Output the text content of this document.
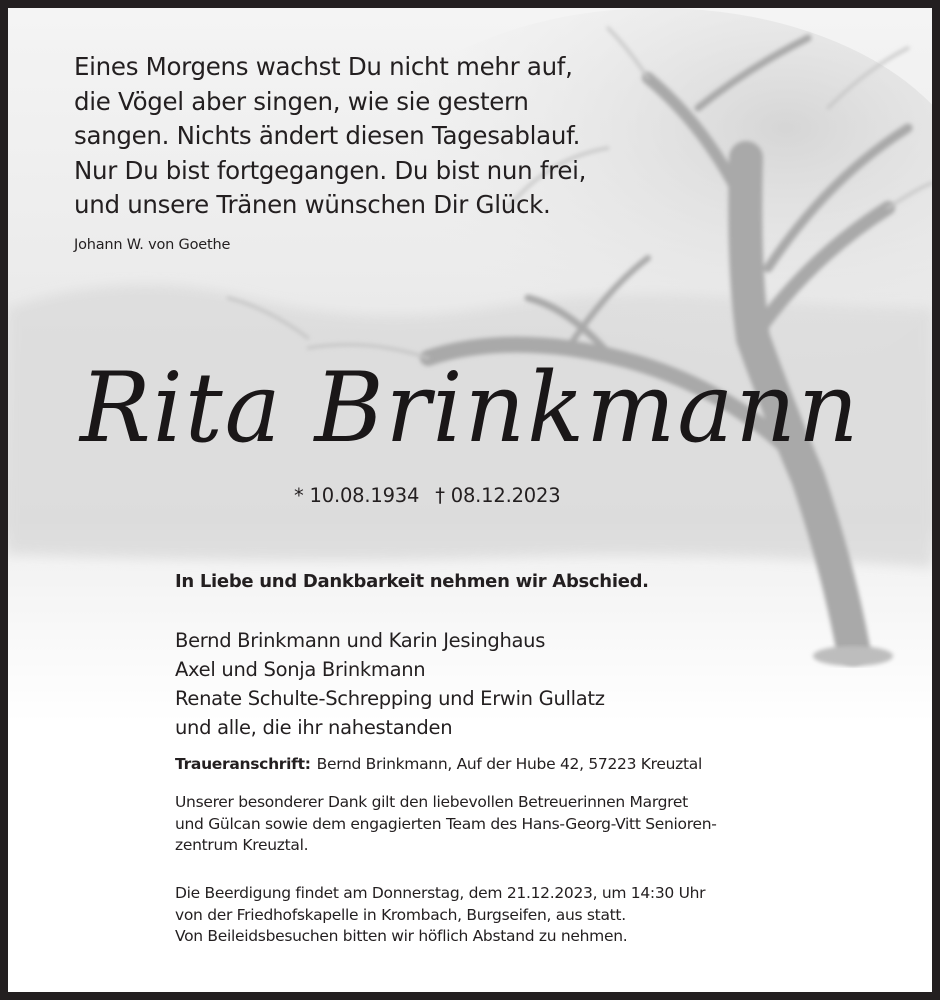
Eines Morgens wachst Du nicht mehr auf,
die Vögel aber singen, wie sie gestern
sangen. Nichts ändert diesen Tagesablauf.
Nur Du bist fortgegangen. Du bist nun frei,
und unsere Tränen wünschen Dir Glück.
Johann W. von Goethe
Rita Brinkmann
* 10.08.1934 † 08.12.2023
In Liebe und Dankbarkeit nehmen wir Abschied.
Bernd Brinkmann und Karin Jesinghaus
Axel und Sonja Brinkmann
Renate Schulte-Schrepping und Erwin Gullatz
und alle, die ihr nahestanden
Traueranschrift: Bernd Brinkmann, Auf der Hube 42, 57223 Kreuztal
Unserer besonderer Dank gilt den liebevollen Betreuerinnen Margret
und Gülcan sowie dem engagierten Team des Hans-Georg-Vitt Senioren-
zentrum Kreuztal.
Die Beerdigung findet am Donnerstag, dem 21.12.2023, um 14:30 Uhr
von der Friedhofskapelle in Krombach, Burgseifen, aus statt.
Von Beileidsbesuchen bitten wir höflich Abstand zu nehmen.
